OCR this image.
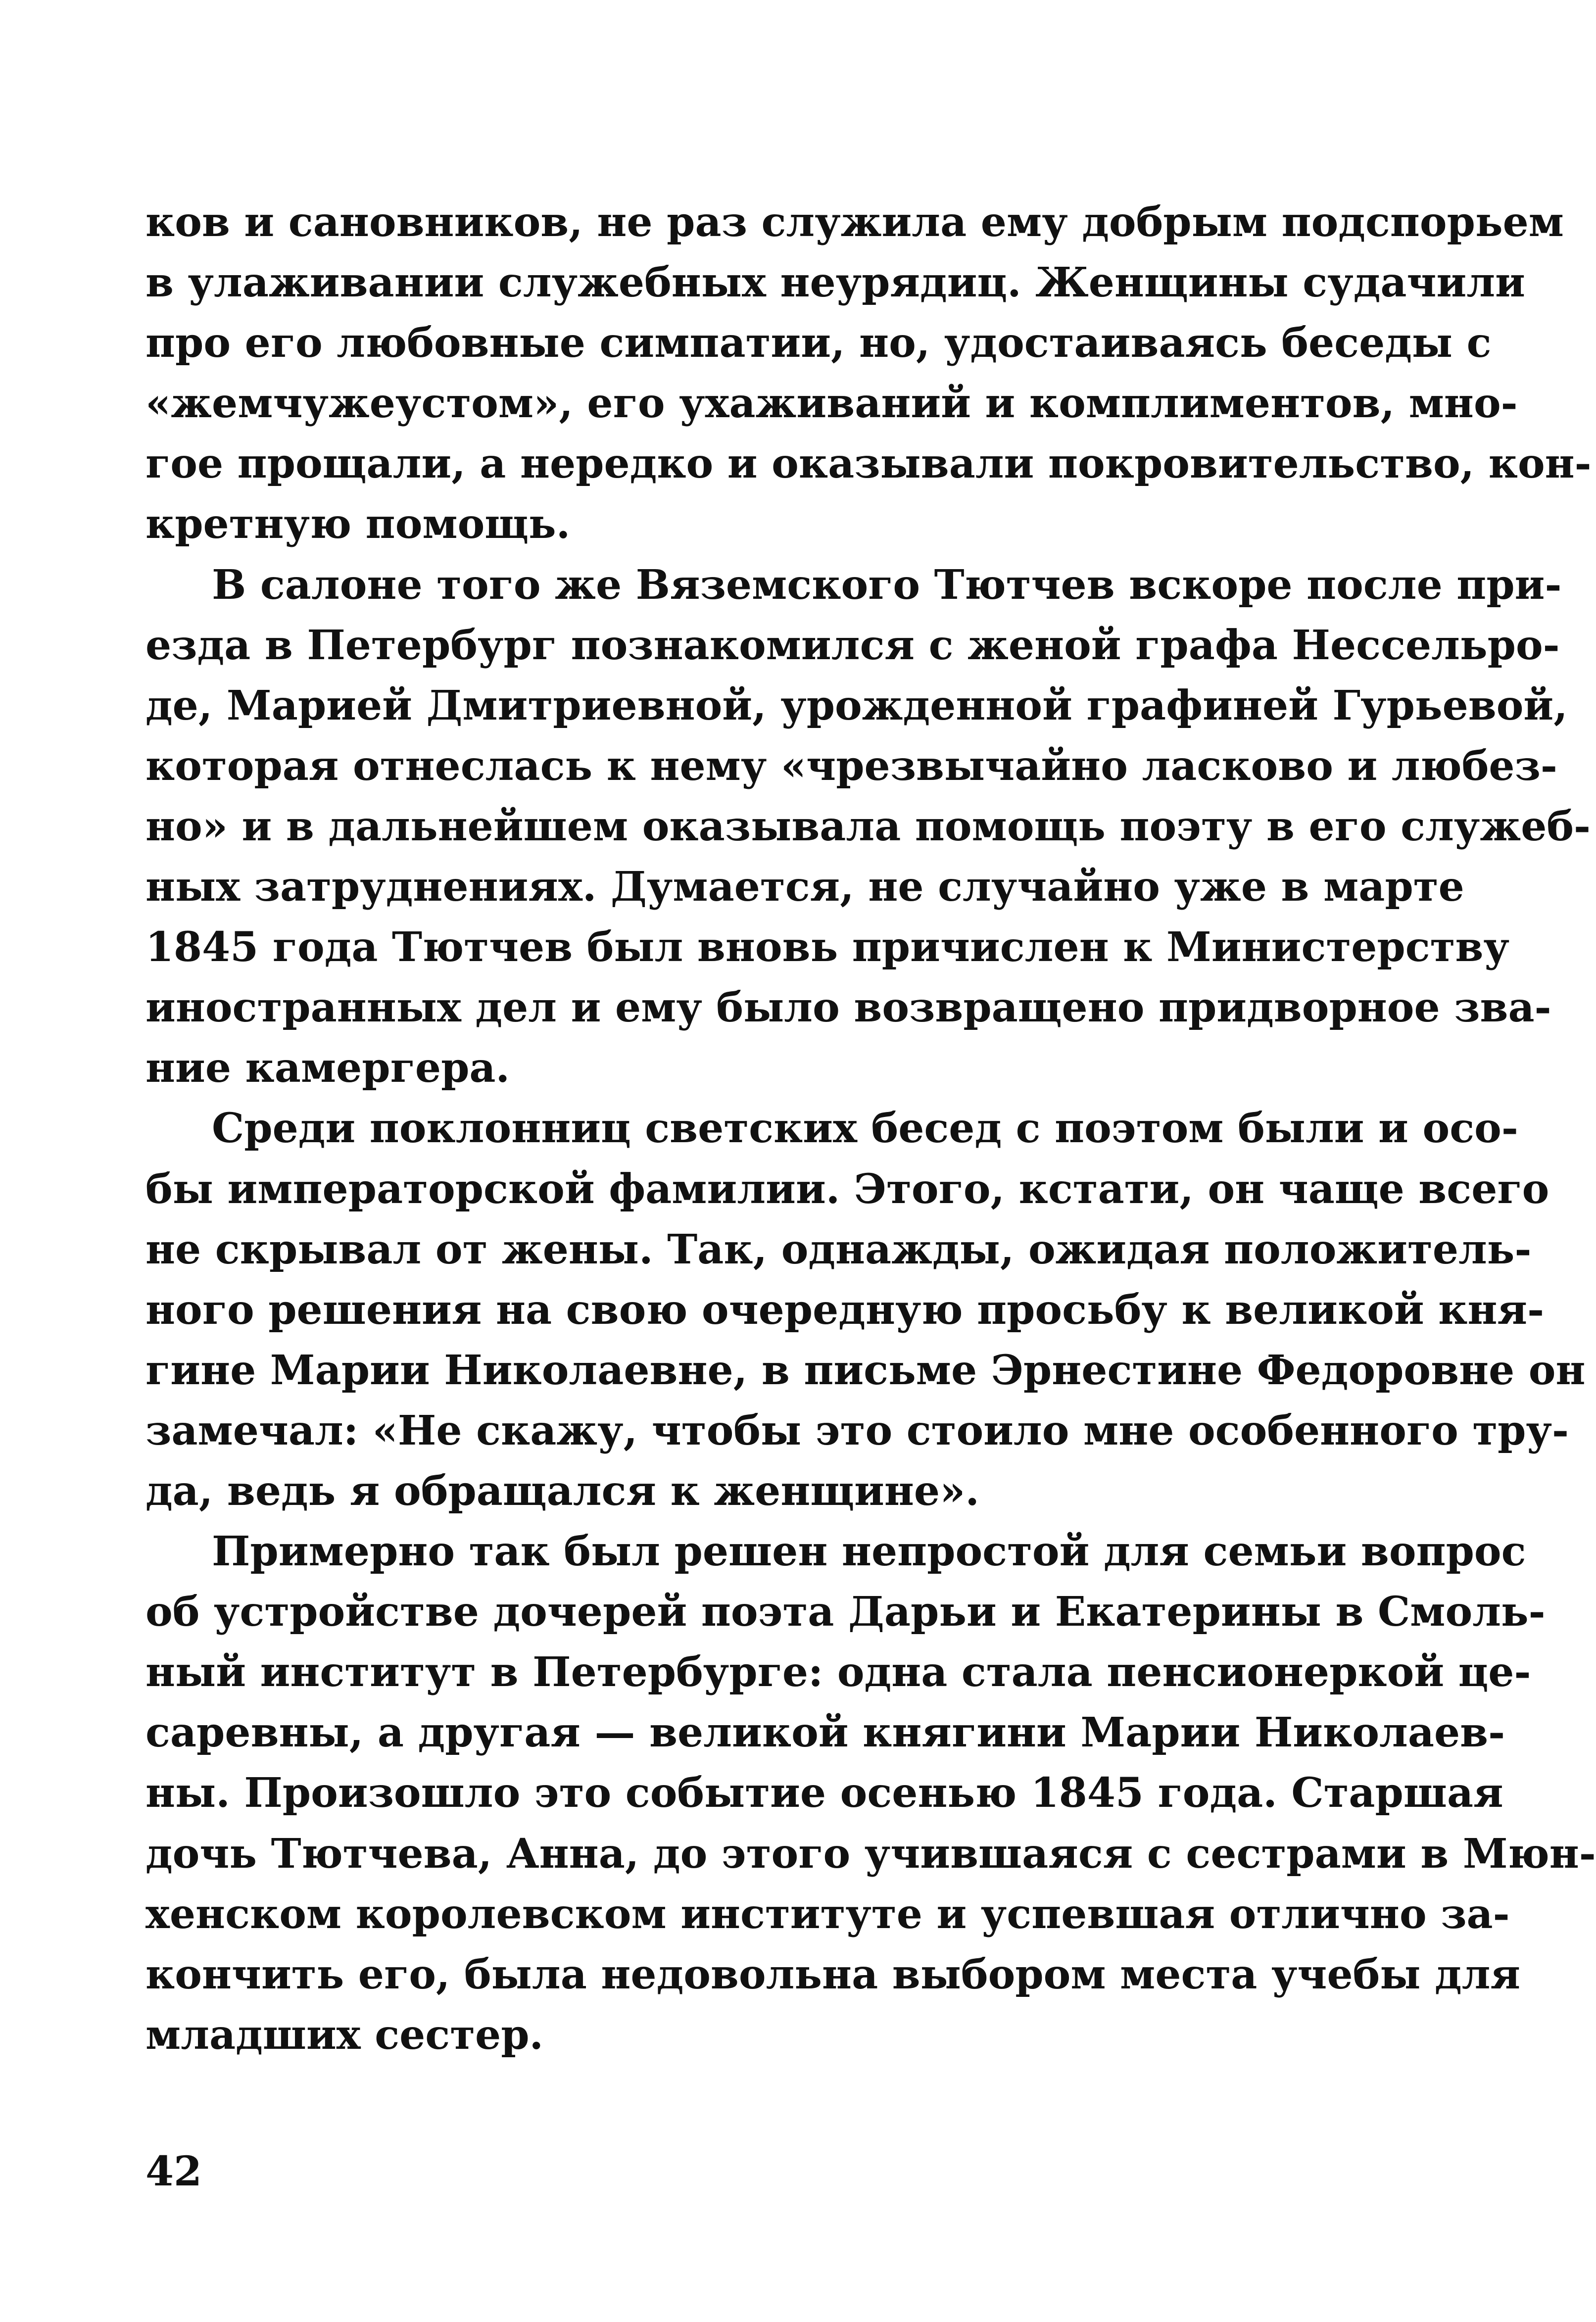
ков и сановников, не раз служила ему добрым подспорьем
в улаживании служебных неурядиц. Женщины судачили
про его любовные симпатии, но, удостаиваясь беседы с
«жемчужеустом», его ухаживаний и комплиментов, мно-
гое прощали, а нередко и оказывали покровительство, кон-
кретную помощь.
В салоне того же Вяземского Тютчев вскоре после при-
езда в Петербург познакомился с женой графа Нессельро-
де, Марией Дмитриевной, урожденной графиней Гурьевой,
которая отнеслась к нему «чрезвычайно ласково и любез-
но» и в дальнейшем оказывала помощь поэту в его служеб-
ных затруднениях. Думается, не случайно уже в марте
1845 года Тютчев был вновь причислен к Министерству
иностранных дел и ему было возвращено придворное зва-
ние камергера.
Среди поклонниц светских бесед с поэтом были и осо-
бы императорской фамилии. Этого, кстати, он чаще всего
не скрывал от жены. Так, однажды, ожидая положитель-
ного решения на свою очередную просьбу к великой кня-
гине Марии Николаевне, в письме Эрнестине Федоровне он
замечал: «Не скажу, чтобы это стоило мне особенного тру-
да, ведь я обращался к женщине».
Примерно так был решен непростой для семьи вопрос
об устройстве дочерей поэта Дарьи и Екатерины в Смоль-
ный институт в Петербурге: одна стала пенсионеркой це-
саревны, а другая — великой княгини Марии Николаев-
ны. Произошло это событие осенью 1845 года. Старшая
дочь Тютчева, Анна, до этого учившаяся с сестрами в Мюн-
хенском королевском институте и успевшая отлично за-
кончить его, была недовольна выбором места учебы для
младших сестер.
42
